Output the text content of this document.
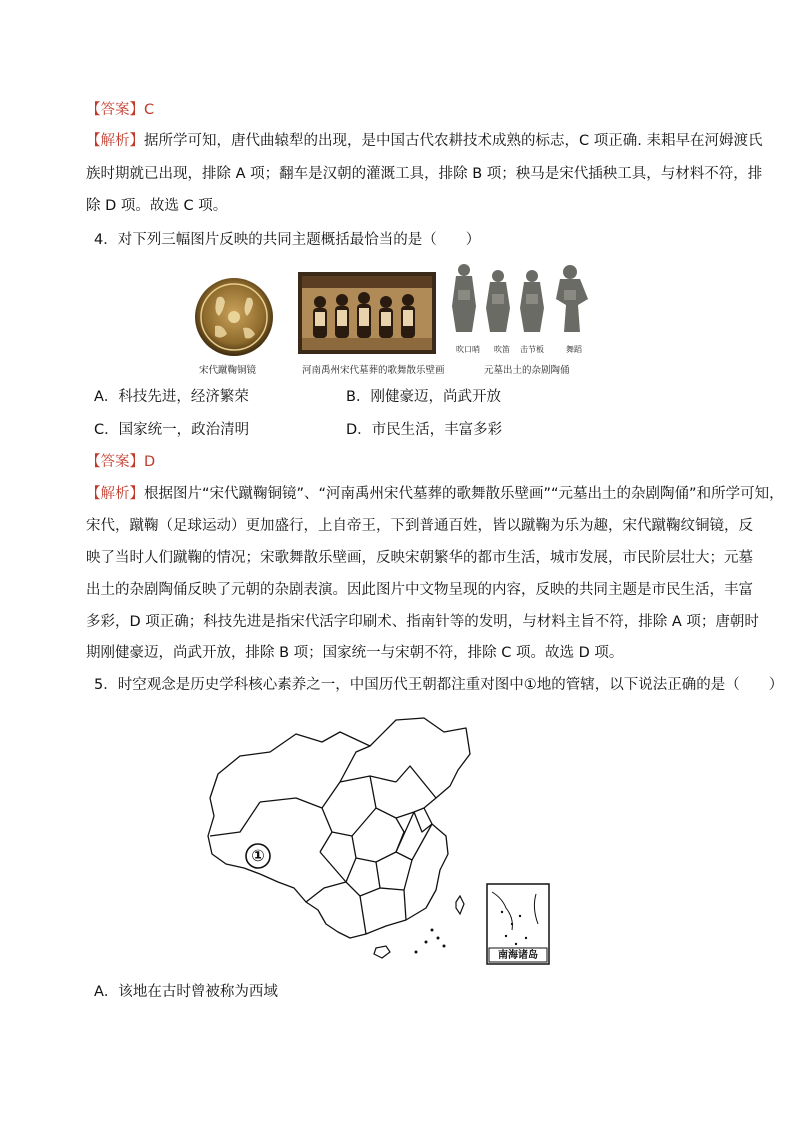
【答案】C
【解析】据所学可知，唐代曲辕犁的出现，是中国古代农耕技术成熟的标志，C 项正确. 耒耜早在河姆渡氏
族时期就已出现，排除 A 项；翻车是汉朝的灌溉工具，排除 B 项；秧马是宋代插秧工具，与材料不符，排
除 D 项。故选 C 项。
4．对下列三幅图片反映的共同主题概括最恰当的是（　　）
宋代蹴鞠铜镜	河南禹州宋代墓葬的歌舞散乐壁画
吹口哨 吹笛 击节板	舞蹈
元墓出土的杂剧陶俑
A．科技先进，经济繁荣	B．刚健豪迈，尚武开放
C．国家统一，政治清明	D．市民生活，丰富多彩
【答案】D
【解析】根据图片“宋代蹴鞠铜镜”、“河南禹州宋代墓葬的歌舞散乐壁画”“元墓出土的杂剧陶俑”和所学可知，
宋代，蹴鞠（足球运动）更加盛行，上自帝王，下到普通百姓，皆以蹴鞠为乐为趣，宋代蹴鞠纹铜镜，反
映了当时人们蹴鞠的情况；宋歌舞散乐壁画，反映宋朝繁华的都市生活，城市发展，市民阶层壮大；元墓
出土的杂剧陶俑反映了元朝的杂剧表演。因此图片中文物呈现的内容，反映的共同主题是市民生活，丰富
多彩，D 项正确；科技先进是指宋代活字印刷术、指南针等的发明，与材料主旨不符，排除 A 项；唐朝时
期刚健豪迈，尚武开放，排除 B 项；国家统一与宋朝不符，排除 C 项。故选 D 项。
5．时空观念是历史学科核心素养之一，中国历代王朝都注重对图中①地的管辖，以下说法正确的是（　　）
①
南海诸岛
A．该地在古时曾被称为西域
